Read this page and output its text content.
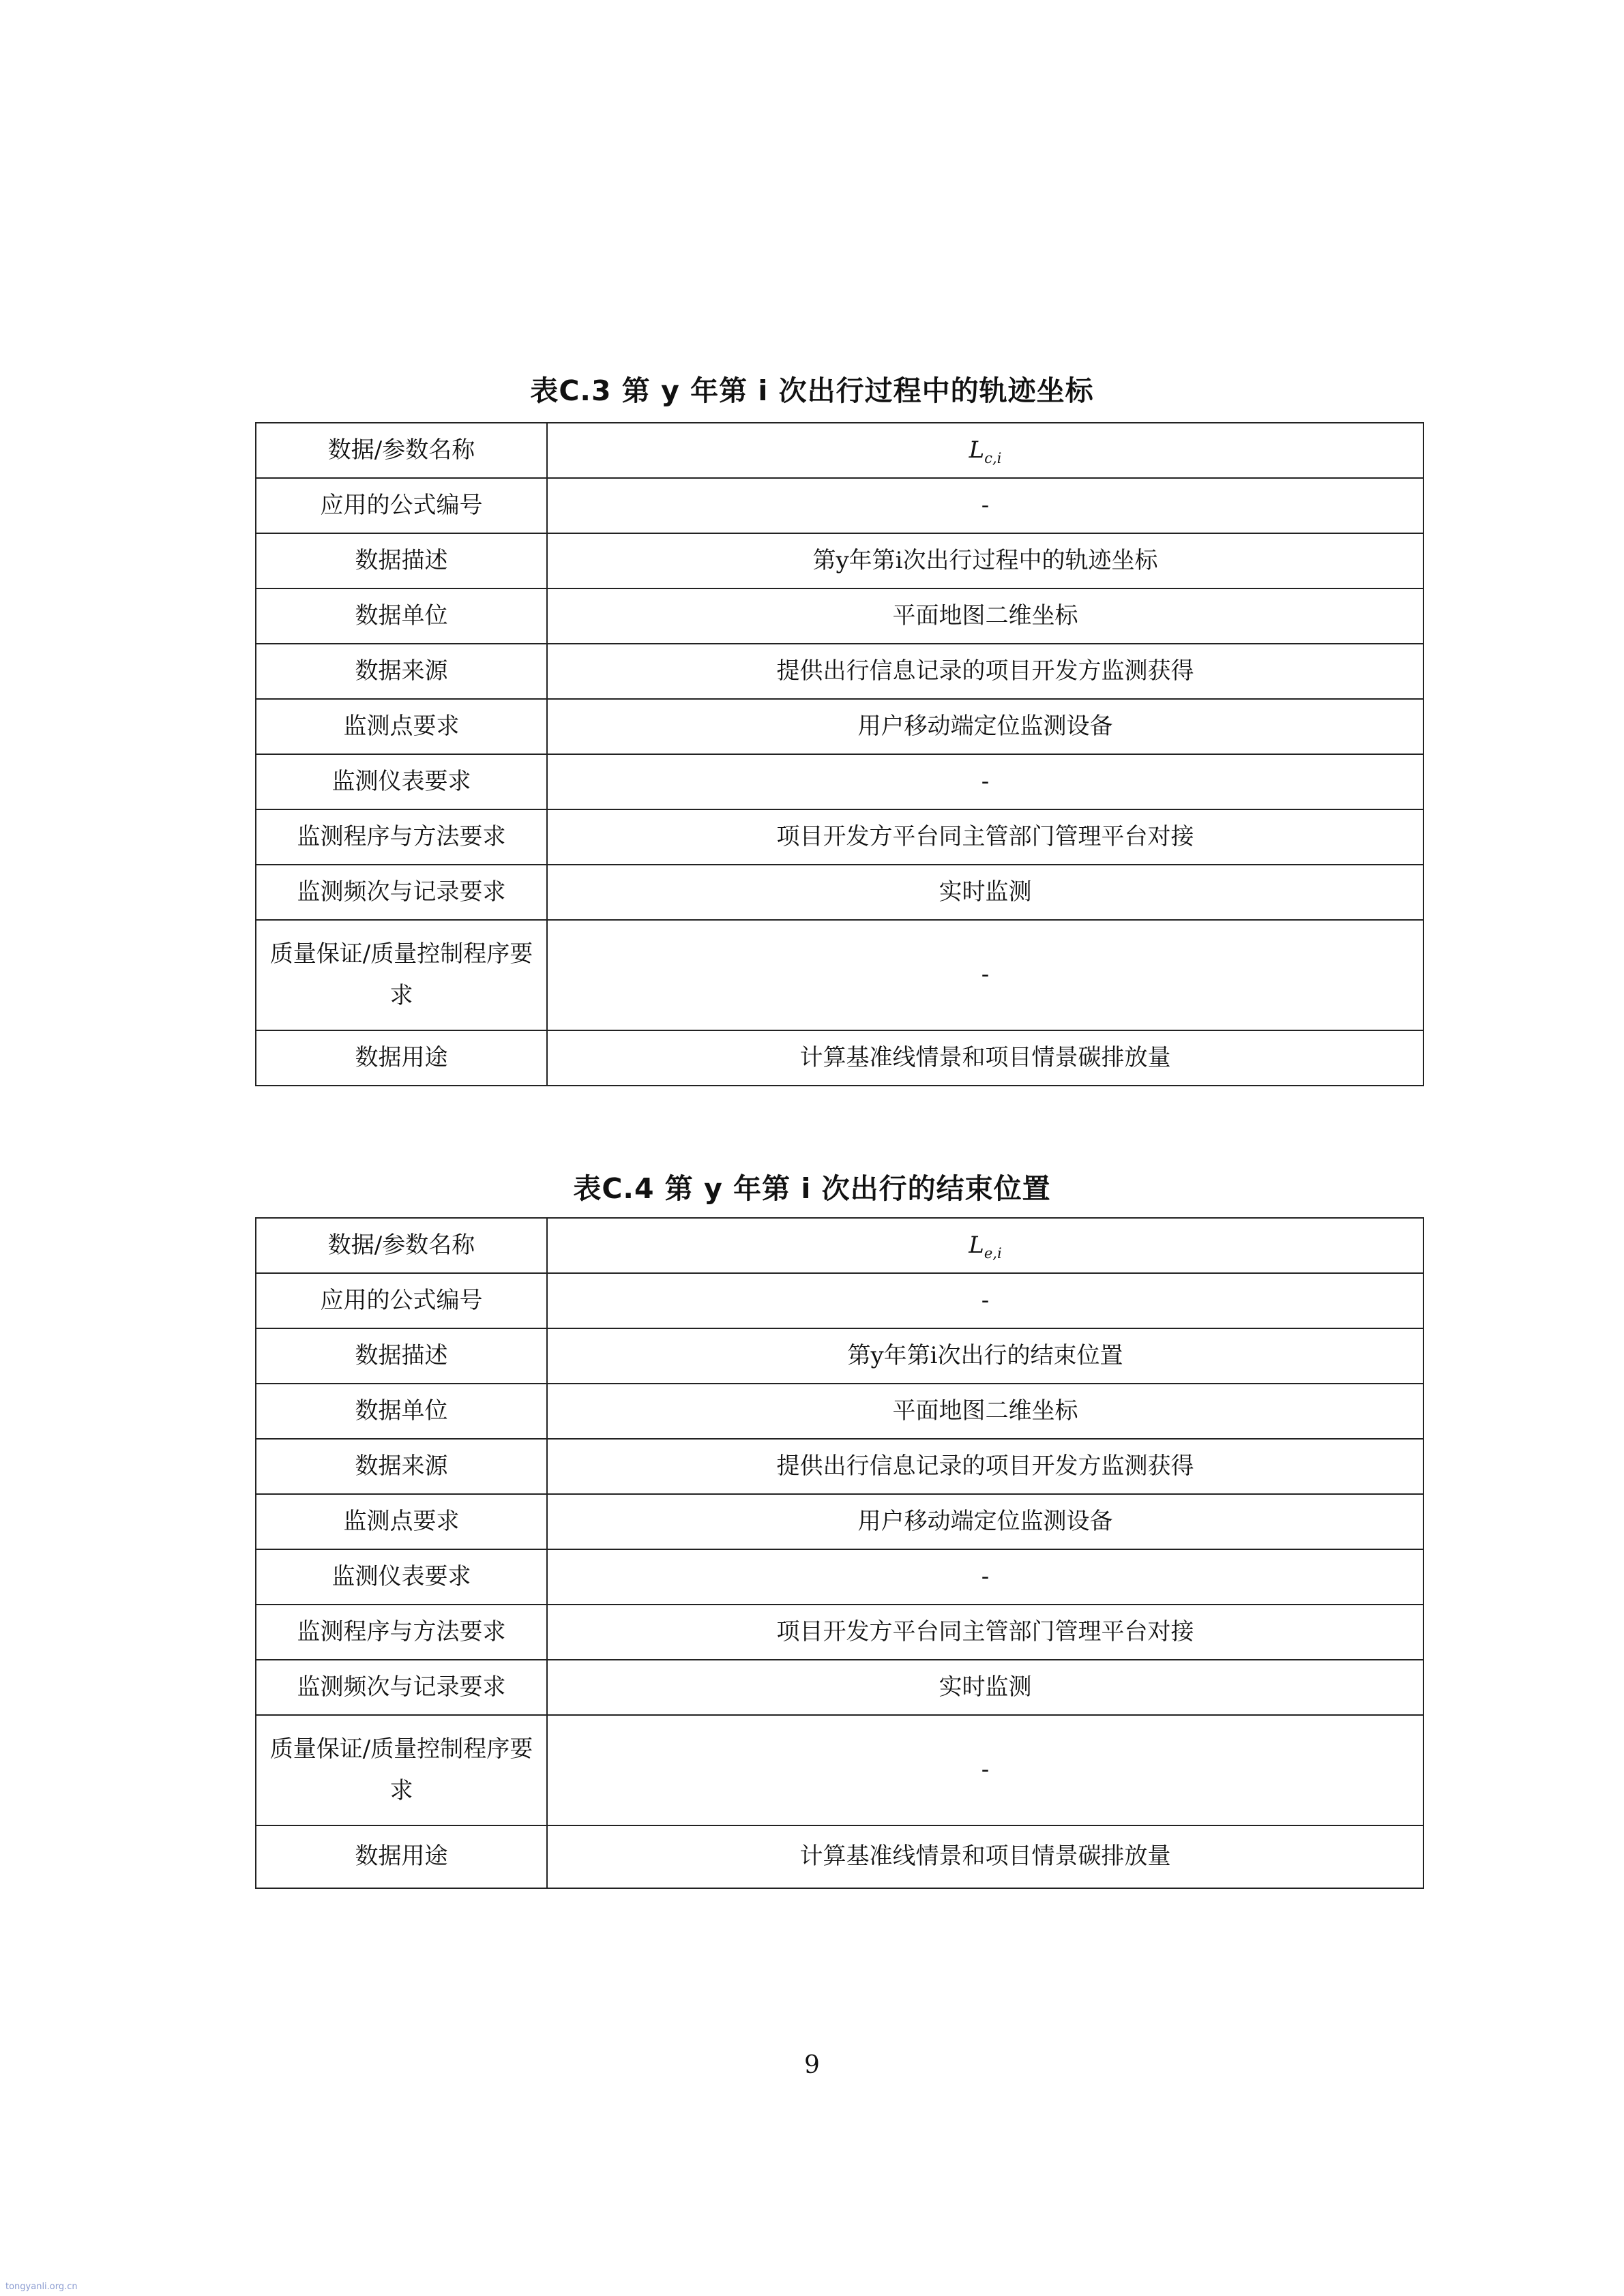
表C.3 第 y 年第 i 次出行过程中的轨迹坐标
数据/参数名称	$L_{c,i}$
应用的公式编号	-
数据描述	第y年第i次出行过程中的轨迹坐标
数据单位	平面地图二维坐标
数据来源	提供出行信息记录的项目开发方监测获得
监测点要求	用户移动端定位监测设备
监测仪表要求	-
监测程序与方法要求	项目开发方平台同主管部门管理平台对接
监测频次与记录要求	实时监测
质量保证/质量控制程序要求	-
数据用途	计算基准线情景和项目情景碳排放量
表C.4 第 y 年第 i 次出行的结束位置
数据/参数名称	$L_{e,i}$
应用的公式编号	-
数据描述	第y年第i次出行的结束位置
数据单位	平面地图二维坐标
数据来源	提供出行信息记录的项目开发方监测获得
监测点要求	用户移动端定位监测设备
监测仪表要求	-
监测程序与方法要求	项目开发方平台同主管部门管理平台对接
监测频次与记录要求	实时监测
质量保证/质量控制程序要求	-
数据用途	计算基准线情景和项目情景碳排放量
9
tongyanli.org.cn
